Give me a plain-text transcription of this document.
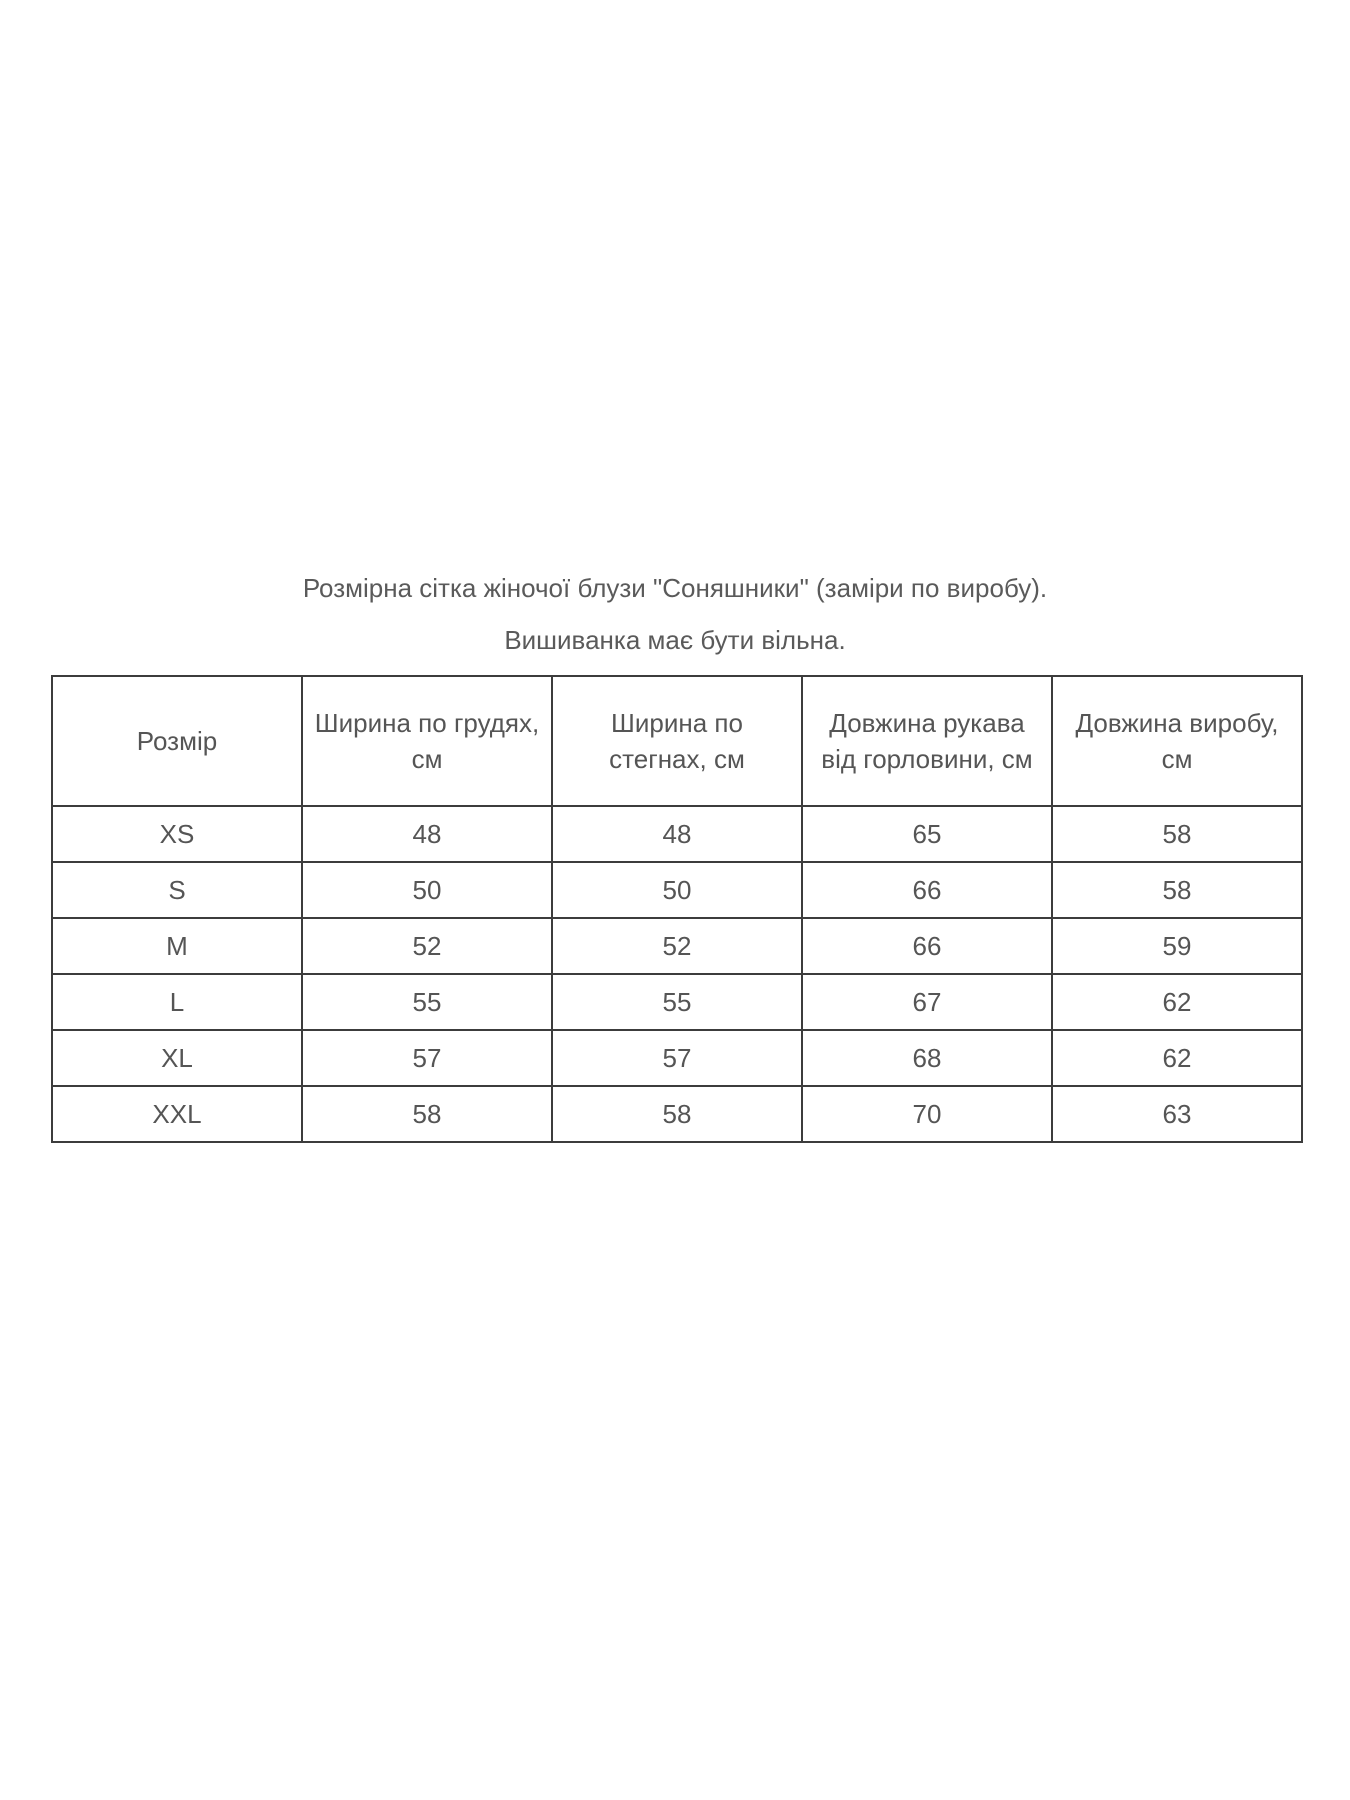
Розмірна сітка жіночої блузи "Соняшники" (заміри по виробу).
Вишиванка має бути вільна.
Розмір	Ширина по грудях, см	Ширина по стегнах, см	Довжина рукава від горловини, см	Довжина виробу, см
XS	48	48	65	58
S	50	50	66	58
M	52	52	66	59
L	55	55	67	62
XL	57	57	68	62
XXL	58	58	70	63
